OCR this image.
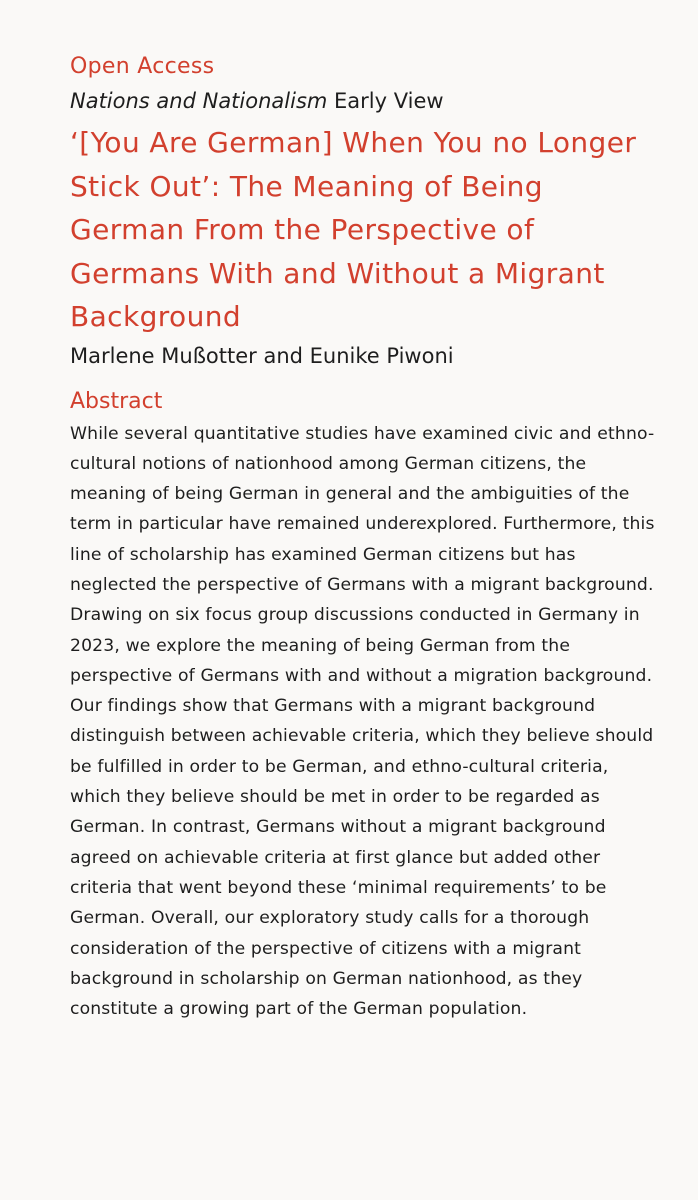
Open Access

Nations and Nationalism Early View

‘[You Are German] When You no Longer Stick Out’: The Meaning of Being German From the Perspective of Germans With and Without a Migrant Background

Marlene Mußotter and Eunike Piwoni

Abstract

While several quantitative studies have examined civic and ethno-cultural notions of nationhood among German citizens, the meaning of being German in general and the ambiguities of the term in particular have remained underexplored. Furthermore, this line of scholarship has examined German citizens but has neglected the perspective of Germans with a migrant background. Drawing on six focus group discussions conducted in Germany in 2023, we explore the meaning of being German from the perspective of Germans with and without a migration background. Our findings show that Germans with a migrant background distinguish between achievable criteria, which they believe should be fulfilled in order to be German, and ethno-cultural criteria, which they believe should be met in order to be regarded as German. In contrast, Germans without a migrant background agreed on achievable criteria at first glance but added other criteria that went beyond these ‘minimal requirements’ to be German. Overall, our exploratory study calls for a thorough consideration of the perspective of citizens with a migrant background in scholarship on German nationhood, as they constitute a growing part of the German population.
